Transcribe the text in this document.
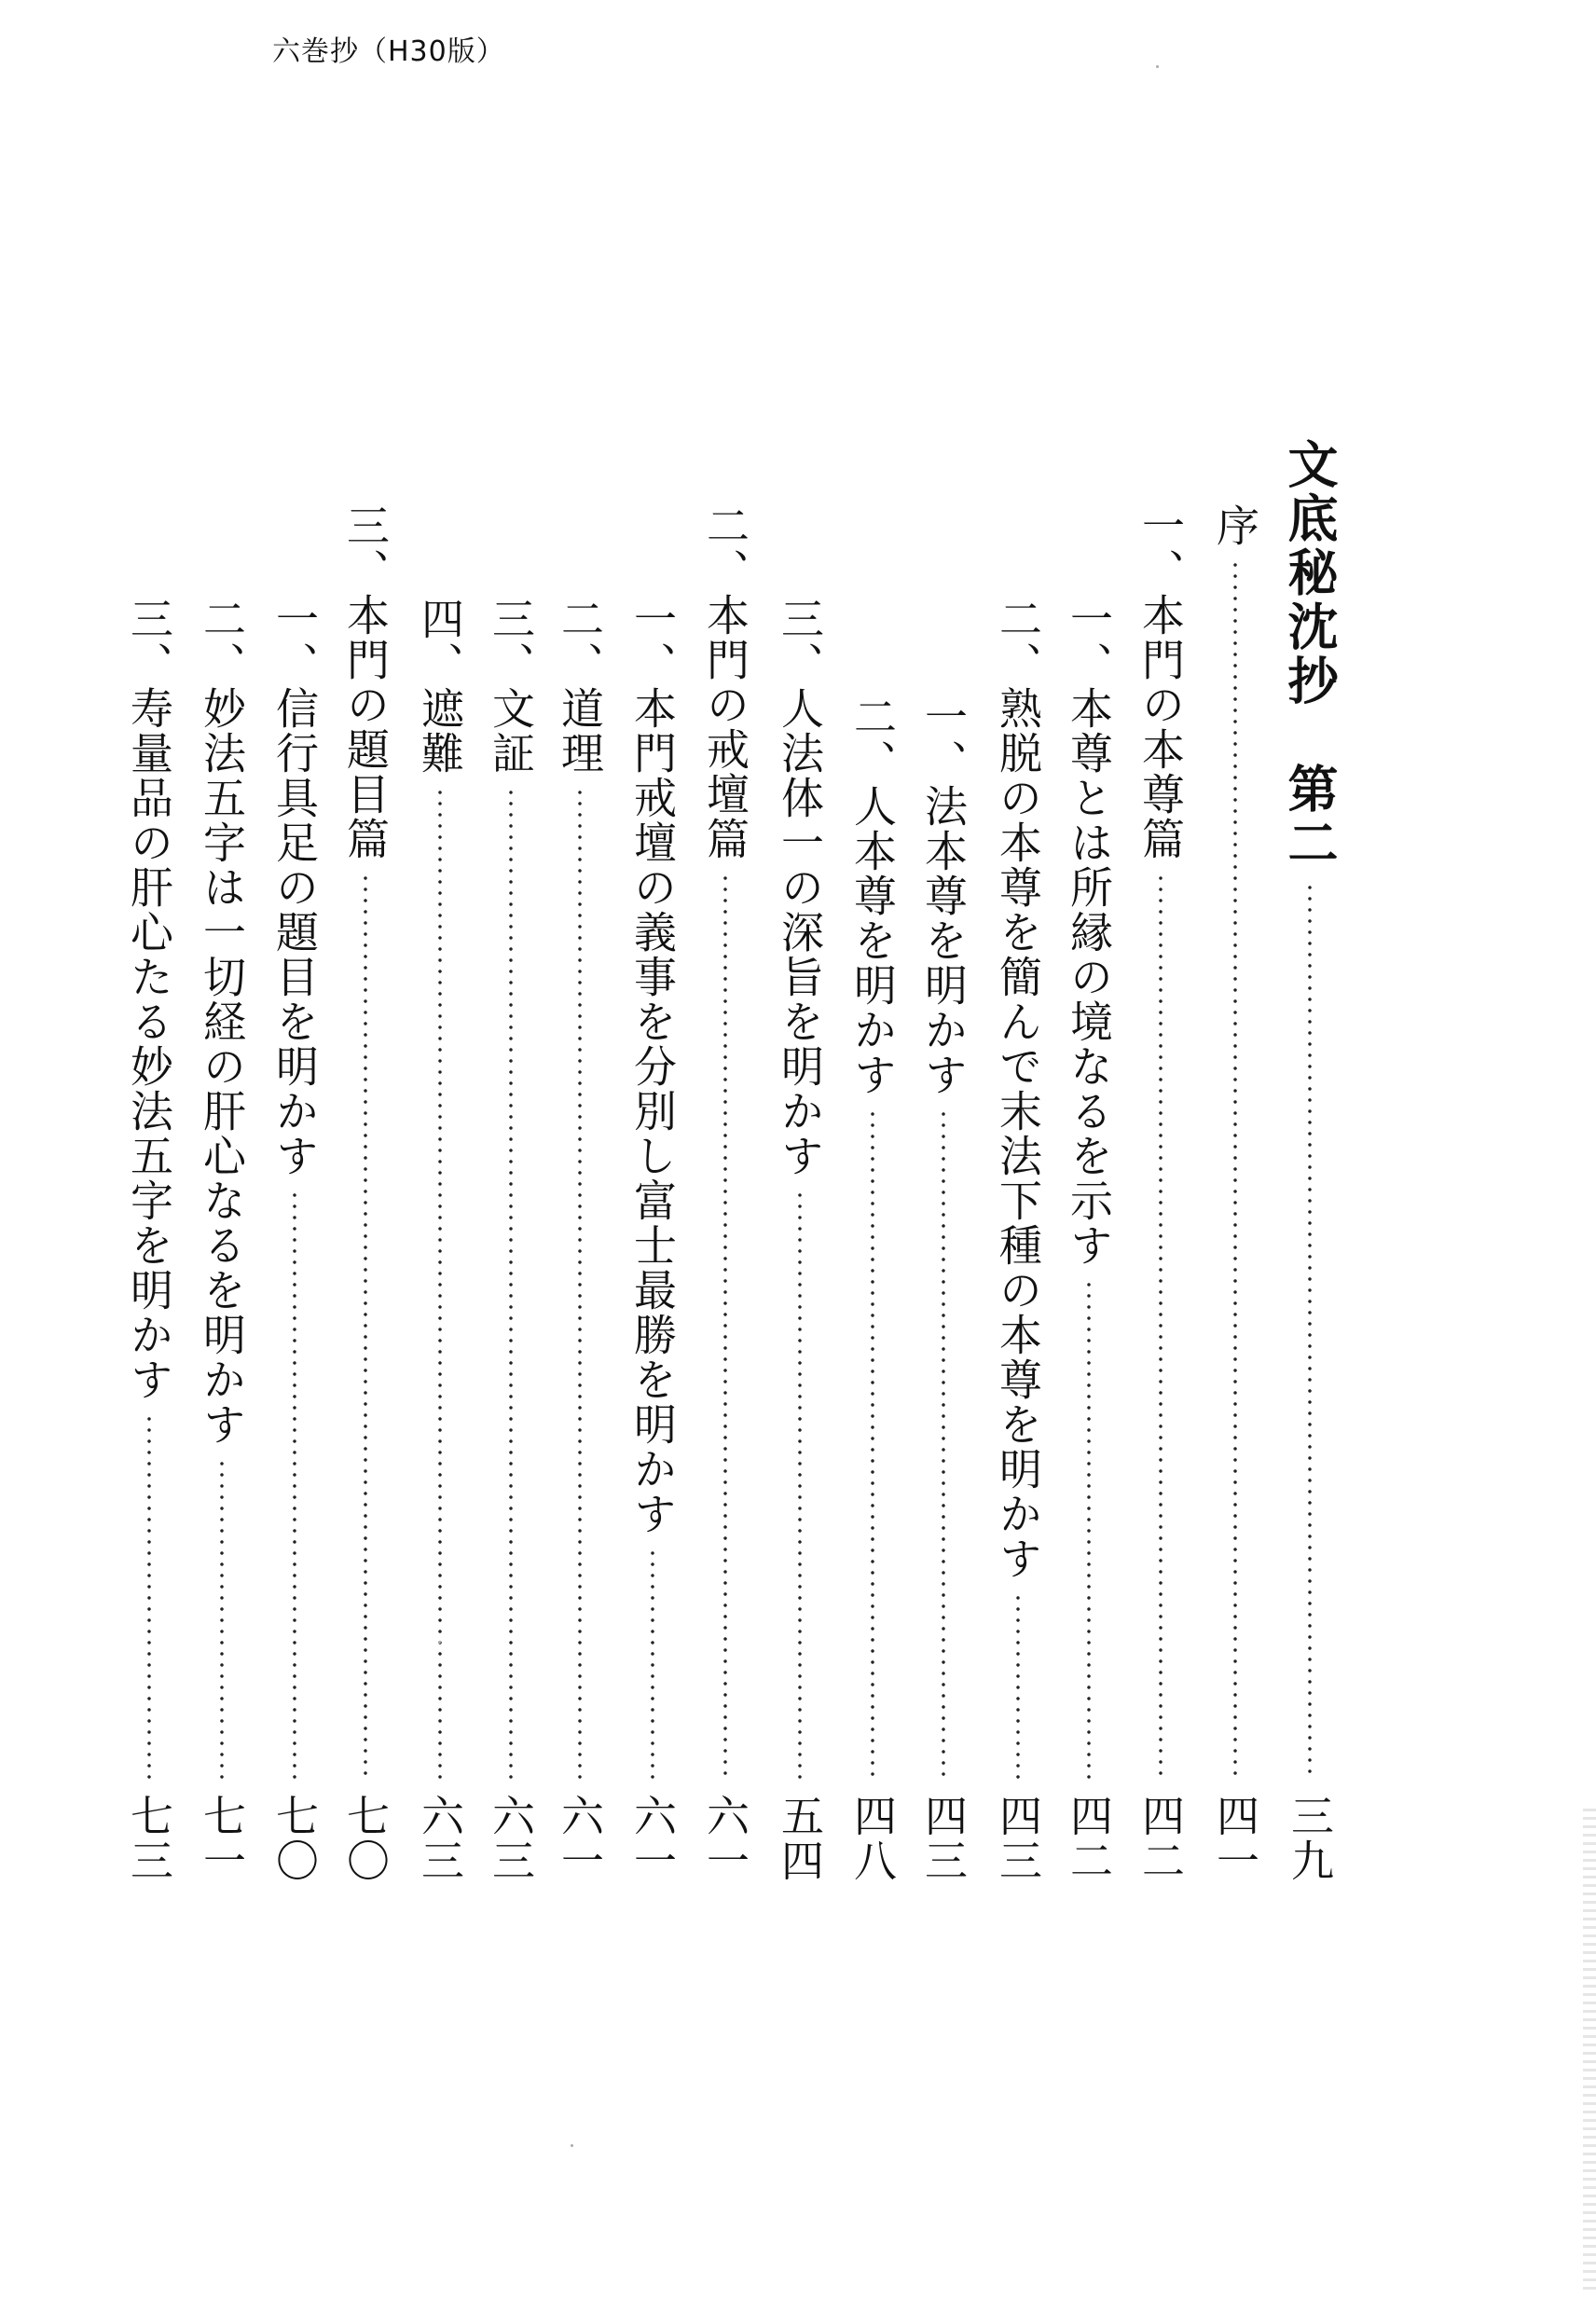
六巻抄（H30版）
文底秘沈抄　第二
三九
序
四一
一、本門の本尊篇
四二
一、本尊とは所縁の境なるを示す
四二
二、熟脱の本尊を簡んで末法下種の本尊を明かす
四三
一、法本尊を明かす
四三
二、人本尊を明かす
四八
三、人法体一の深旨を明かす
五四
二、本門の戒壇篇
六一
一、本門戒壇の義事を分別し富士最勝を明かす
六一
二、道理
六一
三、文証
六三
四、遮難
六三
三、本門の題目篇
七〇
一、信行具足の題目を明かす
七〇
二、妙法五字は一切経の肝心なるを明かす
七一
三、寿量品の肝心たる妙法五字を明かす
七三
